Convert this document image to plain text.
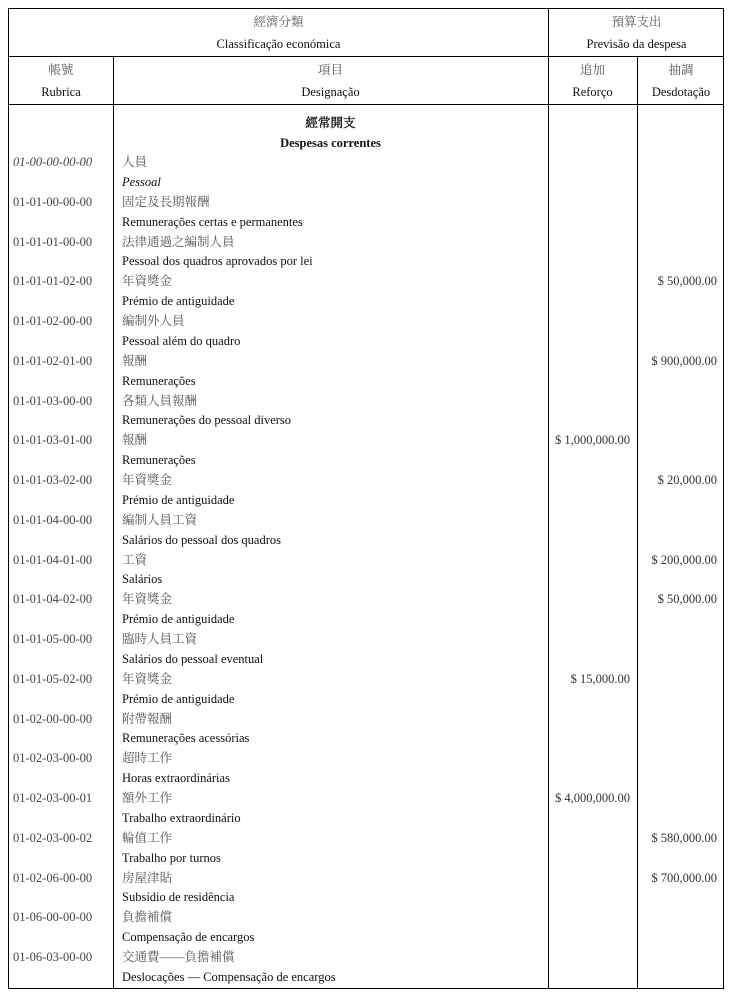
經濟分類
Classificação económica
預算支出
Previsão da despesa
帳號
Rubrica
項目
Designação
追加
Reforço
抽調
Desdotação
經常開支
Despesas correntes
01-00-00-00-00 人員
Pessoal
01-01-00-00-00 固定及長期報酬
Remunerações certas e permanentes
01-01-01-00-00 法律通過之編制人員
Pessoal dos quadros aprovados por lei
01-01-01-02-00 年資獎金
Prémio de antiguidade
$ 50,000.00
01-01-02-00-00 編制外人員
Pessoal além do quadro
01-01-02-01-00 報酬
Remunerações
$ 900,000.00
01-01-03-00-00 各類人員報酬
Remunerações do pessoal diverso
01-01-03-01-00 報酬
Remunerações
$ 1,000,000.00
01-01-03-02-00 年資獎金
Prémio de antiguidade
$ 20,000.00
01-01-04-00-00 編制人員工資
Salários do pessoal dos quadros
01-01-04-01-00 工資
Salários
$ 200,000.00
01-01-04-02-00 年資獎金
Prémio de antiguidade
$ 50,000.00
01-01-05-00-00 臨時人員工資
Salários do pessoal eventual
01-01-05-02-00 年資獎金
Prémio de antiguidade
$ 15,000.00
01-02-00-00-00 附帶報酬
Remunerações acessórias
01-02-03-00-00 超時工作
Horas extraordinárias
01-02-03-00-01 額外工作
Trabalho extraordinário
$ 4,000,000.00
01-02-03-00-02 輪值工作
Trabalho por turnos
$ 580,000.00
01-02-06-00-00 房屋津貼
Subsídio de residência
$ 700,000.00
01-06-00-00-00 負擔補償
Compensação de encargos
01-06-03-00-00 交通費——負擔補償
Deslocações — Compensação de encargos
